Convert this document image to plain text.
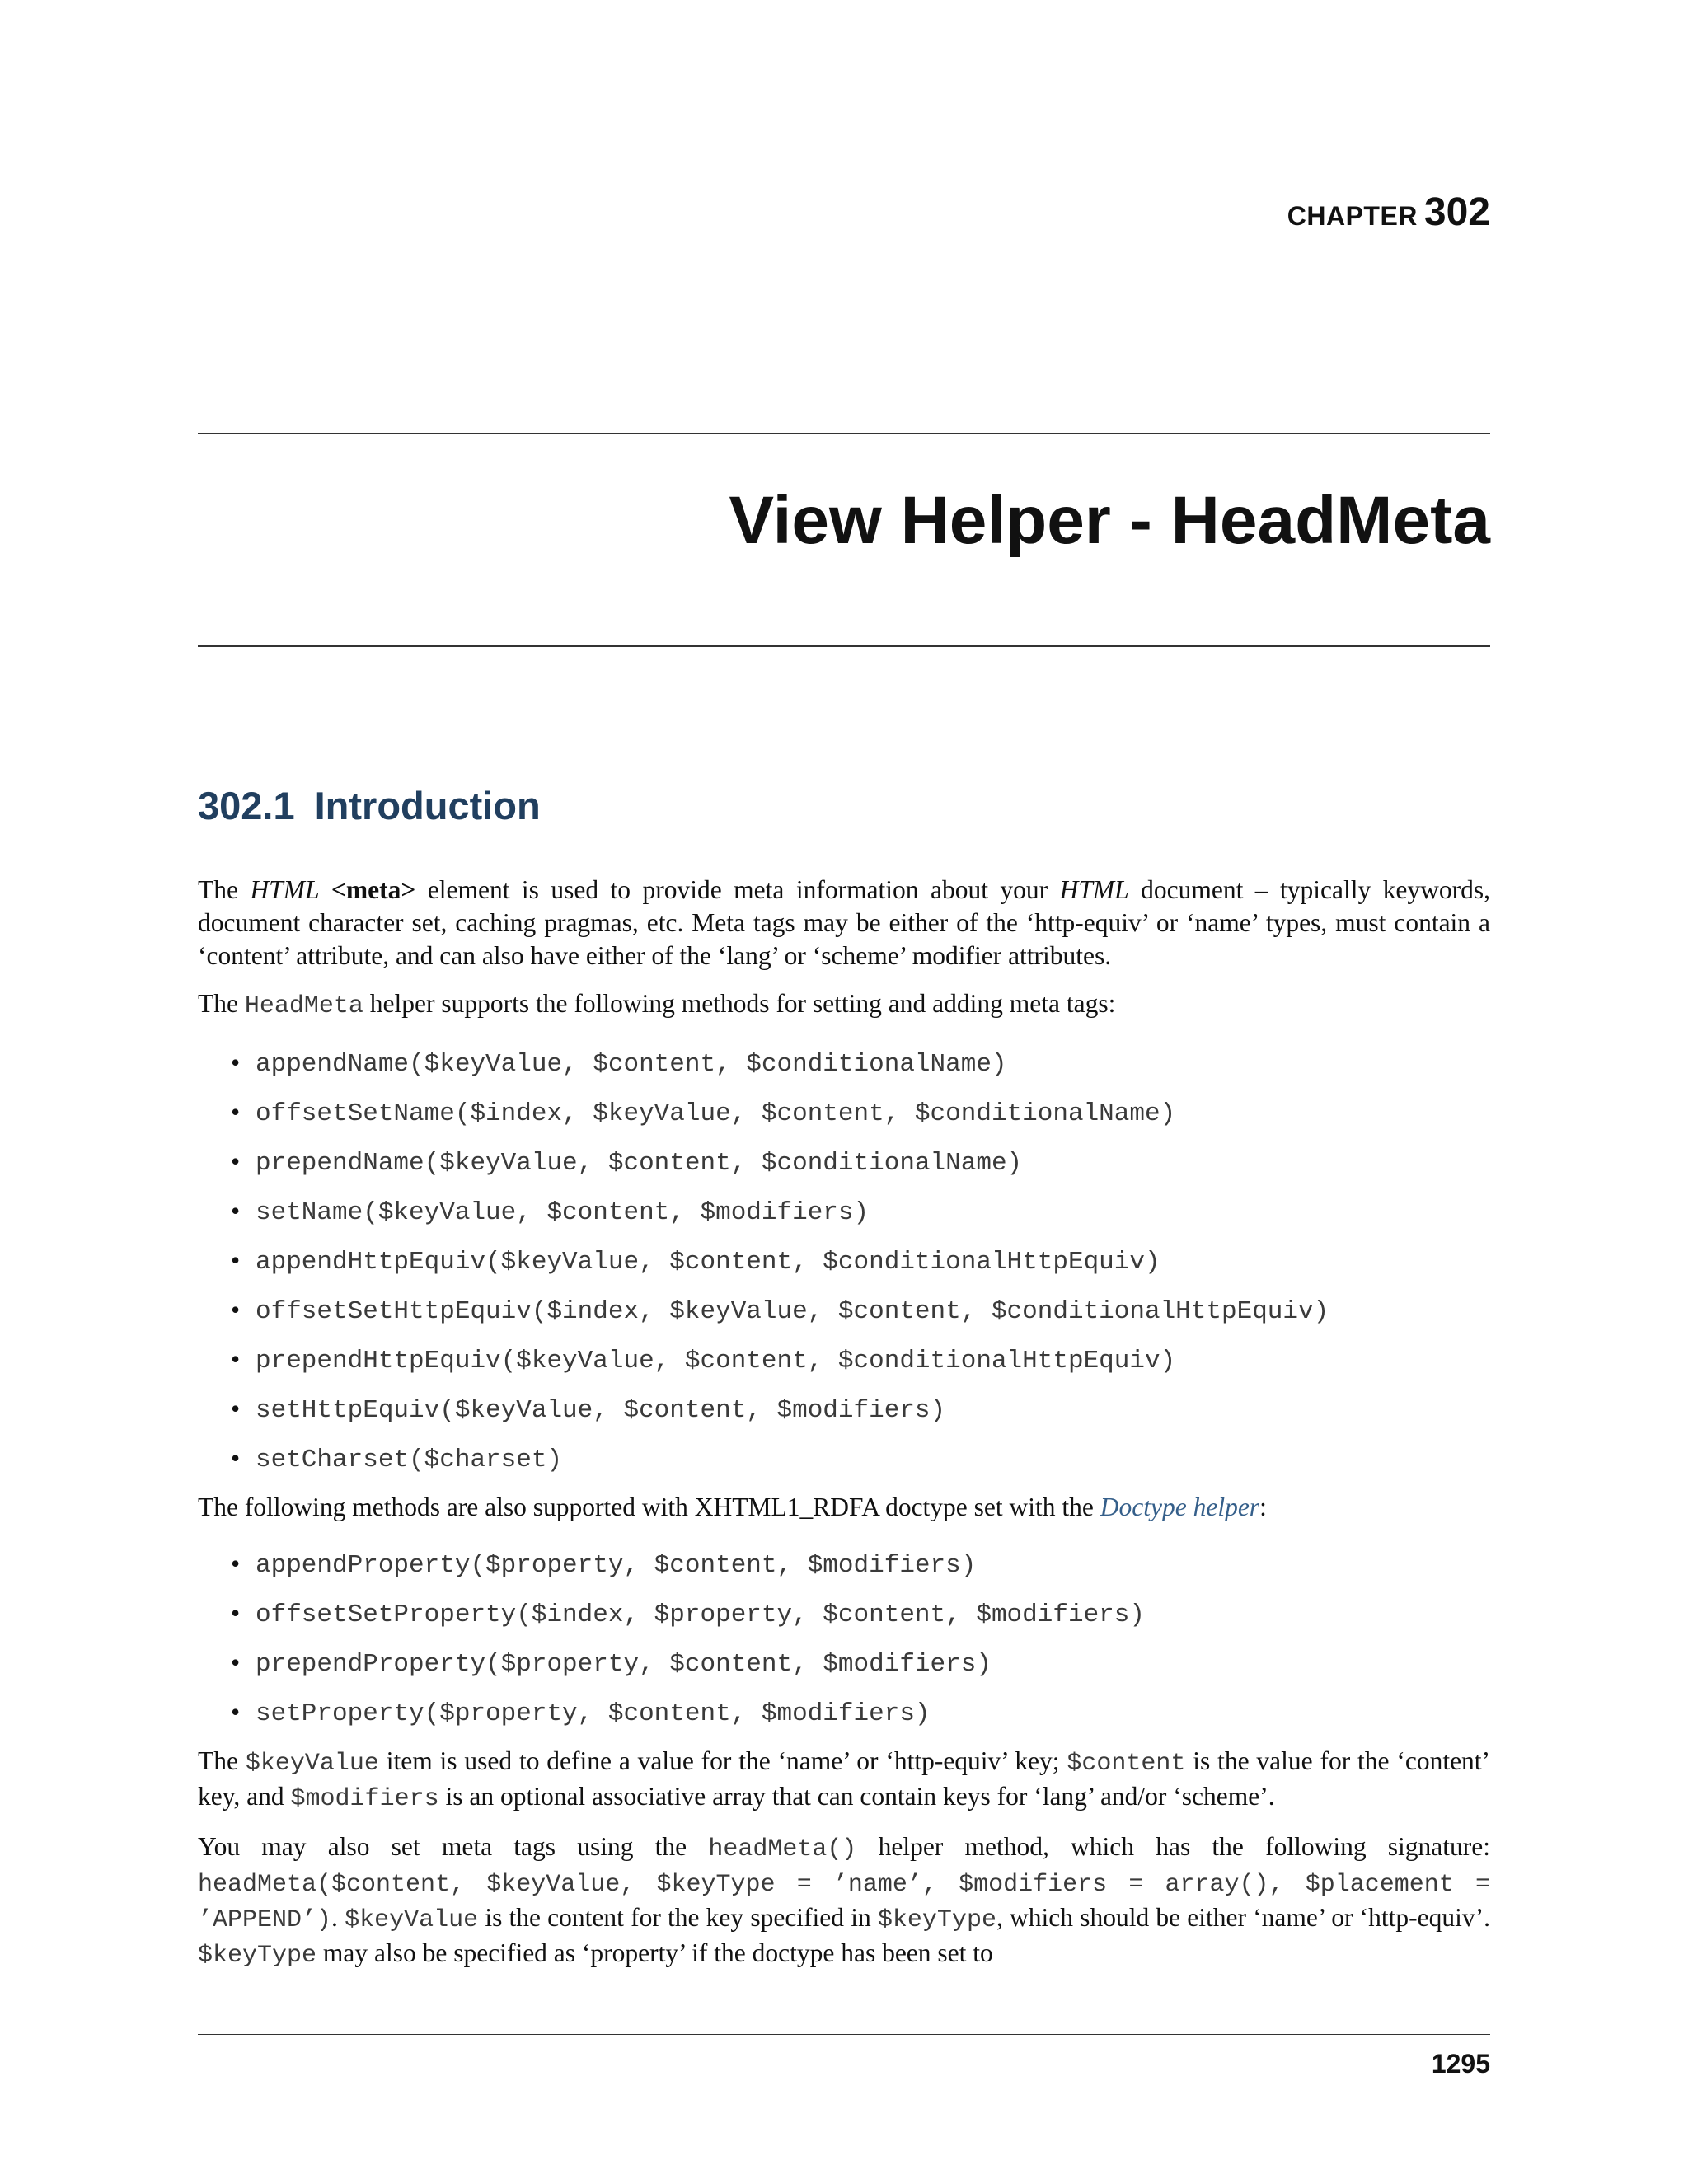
CHAPTER 302
View Helper - HeadMeta
302.1 Introduction

The HTML <meta> element is used to provide meta information about your HTML document – typically keywords, document character set, caching pragmas, etc. Meta tags may be either of the ‘http-equiv’ or ‘name’ types, must contain a ‘content’ attribute, and can also have either of the ‘lang’ or ‘scheme’ modifier attributes.

The HeadMeta helper supports the following methods for setting and adding meta tags:

• appendName($keyValue, $content, $conditionalName)
• offsetSetName($index, $keyValue, $content, $conditionalName)
• prependName($keyValue, $content, $conditionalName)
• setName($keyValue, $content, $modifiers)
• appendHttpEquiv($keyValue, $content, $conditionalHttpEquiv)
• offsetSetHttpEquiv($index, $keyValue, $content, $conditionalHttpEquiv)
• prependHttpEquiv($keyValue, $content, $conditionalHttpEquiv)
• setHttpEquiv($keyValue, $content, $modifiers)
• setCharset($charset)

The following methods are also supported with XHTML1_RDFA doctype set with the Doctype helper:

• appendProperty($property, $content, $modifiers)
• offsetSetProperty($index, $property, $content, $modifiers)
• prependProperty($property, $content, $modifiers)
• setProperty($property, $content, $modifiers)

The $keyValue item is used to define a value for the ‘name’ or ‘http-equiv’ key; $content is the value for the ‘content’ key, and $modifiers is an optional associative array that can contain keys for ‘lang’ and/or ‘scheme’.

You may also set meta tags using the headMeta() helper method, which has the following signature: headMeta($content, $keyValue, $keyType = ’name’, $modifiers = array(), $placement = ’APPEND’). $keyValue is the content for the key specified in $keyType, which should be either ‘name’ or ‘http-equiv’. $keyType may also be specified as ‘property’ if the doctype has been set to

1295
